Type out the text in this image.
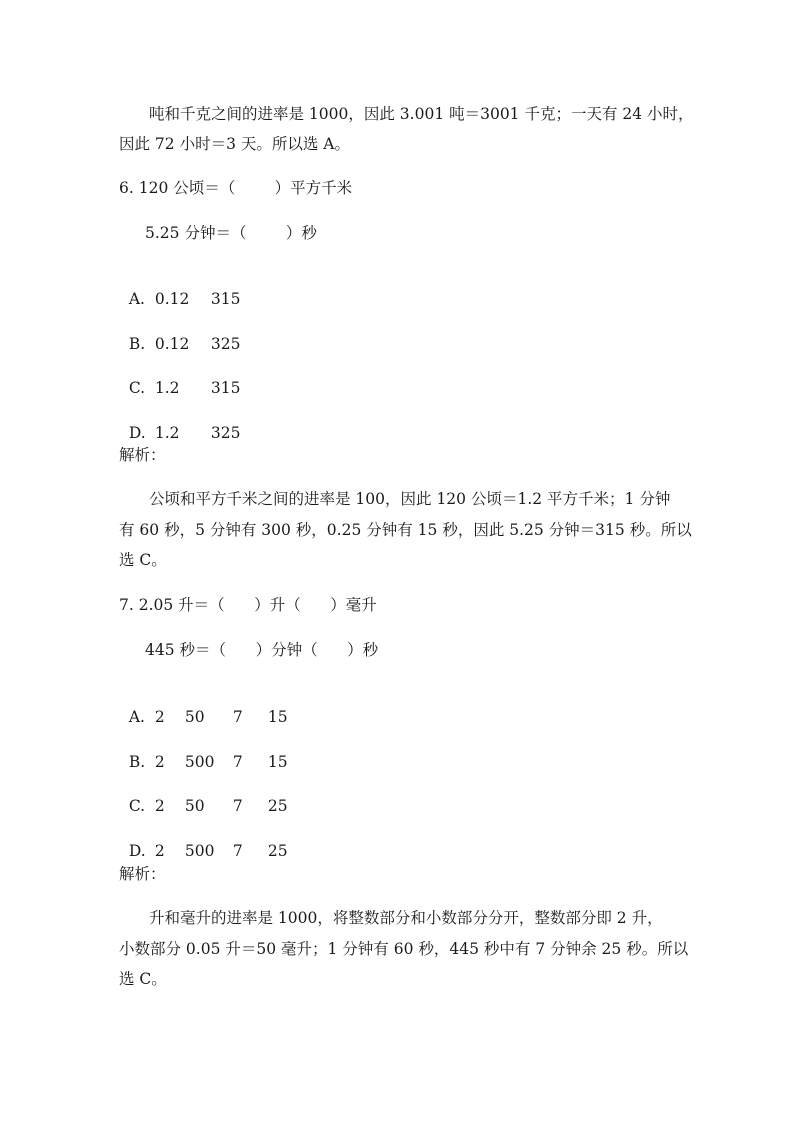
吨和千克之间的进率是 1000，因此 3.001 吨＝3001 千克；一天有 24 小时，
因此 72 小时＝3 天。所以选 A。
6. 120 公顷＝（        ）平方千米
5.25 分钟＝（        ）秒

A. 0.12 315

B. 0.12 325

C. 1.2 315

D. 1.2 325

解析：
公顷和平方千米之间的进率是 100，因此 120 公顷＝1.2 平方千米；1 分钟
有 60 秒，5 分钟有 300 秒，0.25 分钟有 15 秒，因此 5.25 分钟＝315 秒。所以
选 C。
7. 2.05 升＝（      ）升（      ）毫升
445 秒＝（      ）分钟（      ）秒

A. 2 50 7 15

B. 2 500 7 15

C. 2 50 7 25

D. 2 500 7 25

解析：
升和毫升的进率是 1000，将整数部分和小数部分分开，整数部分即 2 升，
小数部分 0.05 升＝50 毫升；1 分钟有 60 秒，445 秒中有 7 分钟余 25 秒。所以
选 C。
